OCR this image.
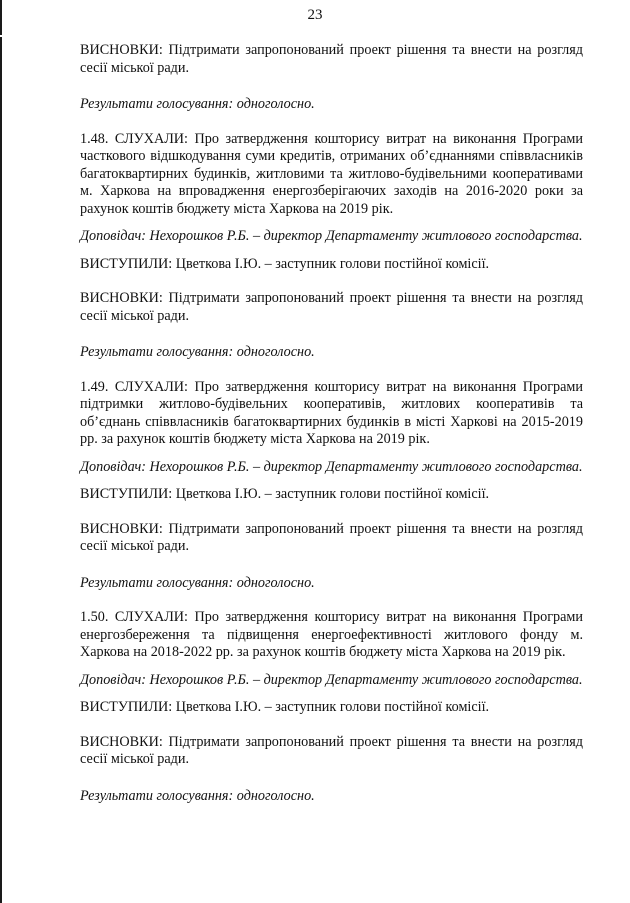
23

ВИСНОВКИ: Підтримати запропонований проект рішення та внести на розгляд сесії міської ради.

Результати голосування: одноголосно.

1.48. СЛУХАЛИ: Про затвердження кошторису витрат на виконання Програми часткового відшкодування суми кредитів, отриманих об’єднаннями співвласників багатоквартирних будинків, житловими та житлово-будівельними кооперативами м. Харкова на впровадження енергозберігаючих заходів на 2016-2020 роки за рахунок коштів бюджету міста Харкова на 2019 рік.

Доповідач: Нехорошков Р.Б. – директор Департаменту житлового господарства.

ВИСТУПИЛИ: Цветкова І.Ю. – заступник голови постійної комісії.

ВИСНОВКИ: Підтримати запропонований проект рішення та внести на розгляд сесії міської ради.

Результати голосування: одноголосно.

1.49. СЛУХАЛИ: Про затвердження кошторису витрат на виконання Програми підтримки житлово-будівельних кооперативів, житлових кооперативів та об’єднань співвласників багатоквартирних будинків в місті Харкові на 2015-2019 рр. за рахунок коштів бюджету міста Харкова на 2019 рік.

Доповідач: Нехорошков Р.Б. – директор Департаменту житлового господарства.

ВИСТУПИЛИ: Цветкова І.Ю. – заступник голови постійної комісії.

ВИСНОВКИ: Підтримати запропонований проект рішення та внести на розгляд сесії міської ради.

Результати голосування: одноголосно.

1.50. СЛУХАЛИ: Про затвердження кошторису витрат на виконання Програми енергозбереження та підвищення енергоефективності житлового фонду м. Харкова на 2018-2022 рр. за рахунок коштів бюджету міста Харкова на 2019 рік.

Доповідач: Нехорошков Р.Б. – директор Департаменту житлового господарства.

ВИСТУПИЛИ: Цветкова І.Ю. – заступник голови постійної комісії.

ВИСНОВКИ: Підтримати запропонований проект рішення та внести на розгляд сесії міської ради.

Результати голосування: одноголосно.
